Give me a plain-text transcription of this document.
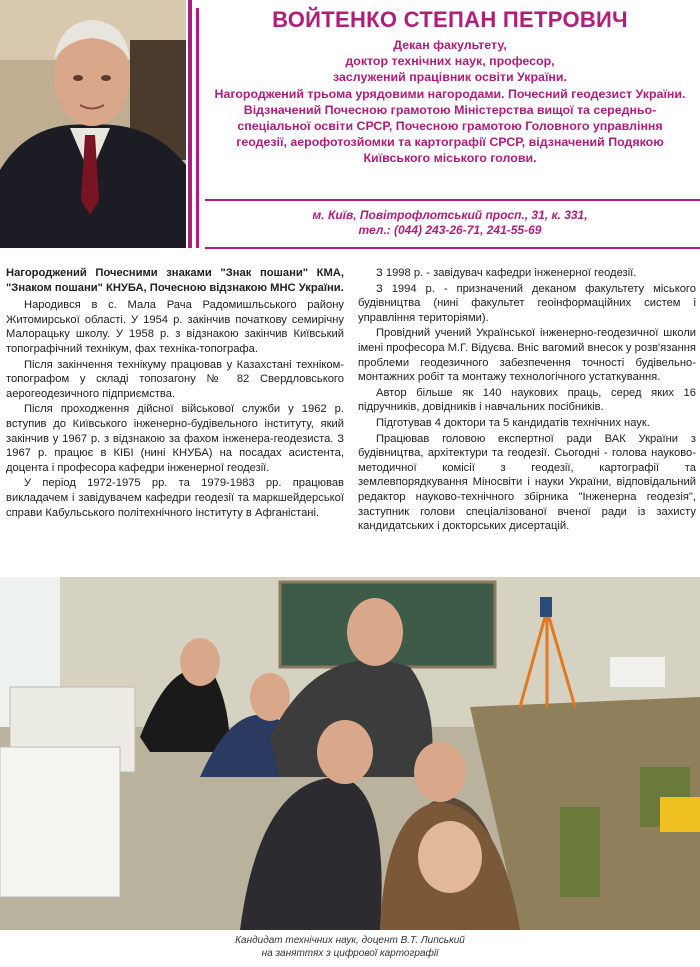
ВОЙТЕНКО СТЕПАН ПЕТРОВИЧ
Декан факультету,
доктор технічних наук, професор,
заслужений працівник освіти України.
Нагороджений трьома урядовими нагородами. Почесний геодезист України.
Відзначений Почесною грамотою Міністерства вищої та середньо-
спеціальної освіти СРСР, Почесною грамотою Головного управління
геодезії, аерофотозйомки та картографії СРСР, відзначений Подякою
Київського міського голови.
м. Київ, Повітрофлотський просп., 31, к. 331,
тел.: (044) 243-26-71, 241-55-69

Нагороджений Почесними знаками "Знак пошани" КМА, "Знаком пошани" КНУБА, Почесною відзнакою МНС України.

Народився в с. Мала Рача Радомишльського району Житомирської області. У 1954 р. закінчив початкову семирічну Малорацьку школу. У 1958 р. з відзнакою закінчив Київський топографічний технікум, фах техніка-топографа.

Після закінчення технікуму працював у Казахстані техніком-топографом у складі топозагону № 82 Свердловського аерогеодезичного підприємства.

Після проходження дійсної військової служби у 1962 р. вступив до Київського інженерно-будівельного інституту, який закінчив у 1967 р. з відзнакою за фахом інженера-геодезиста. З 1967 р. працює в КІБІ (нині КНУБА) на посадах асистента, доцента і професора кафедри інженерної геодезії.

У період 1972-1975 рр. та 1979-1983 рр. працював викладачем і завідувачем кафедри геодезії та маркшейдерської справи Кабульського політехнічного інституту в Афганістані.

З 1998 р. - завідувач кафедри інженерної геодезії.

З 1994 р. - призначений деканом факультету міського будівництва (нині факультет геоінформаційних систем і управління територіями).

Провідний учений Української інженерно-геодезичної школи імені професора М.Г. Відуєва. Вніс вагомий внесок у розв'язання проблеми геодезичного забезпечення точності будівельно-монтажних робіт та монтажу технологічного устаткування.

Автор більше як 140 наукових праць, серед яких 16 підручників, довідників і навчальних посібників.

Підготував 4 доктори та 5 кандидатів технічних наук.

Працював головою експертної ради ВАК України з будівництва, архітектури та геодезії. Сьогодні - голова науково-методичної комісії з геодезії, картографії та землевпорядкування Міносвіти і науки України, відповідальний редактор науково-технічного збірника "Інженерна геодезія", заступник голови спеціалізованої вченої ради із захисту кандидатських і докторських дисертацій.

Кандидат технічних наук, доцент В.Т. Липський
на заняттях з цифрової картографії
